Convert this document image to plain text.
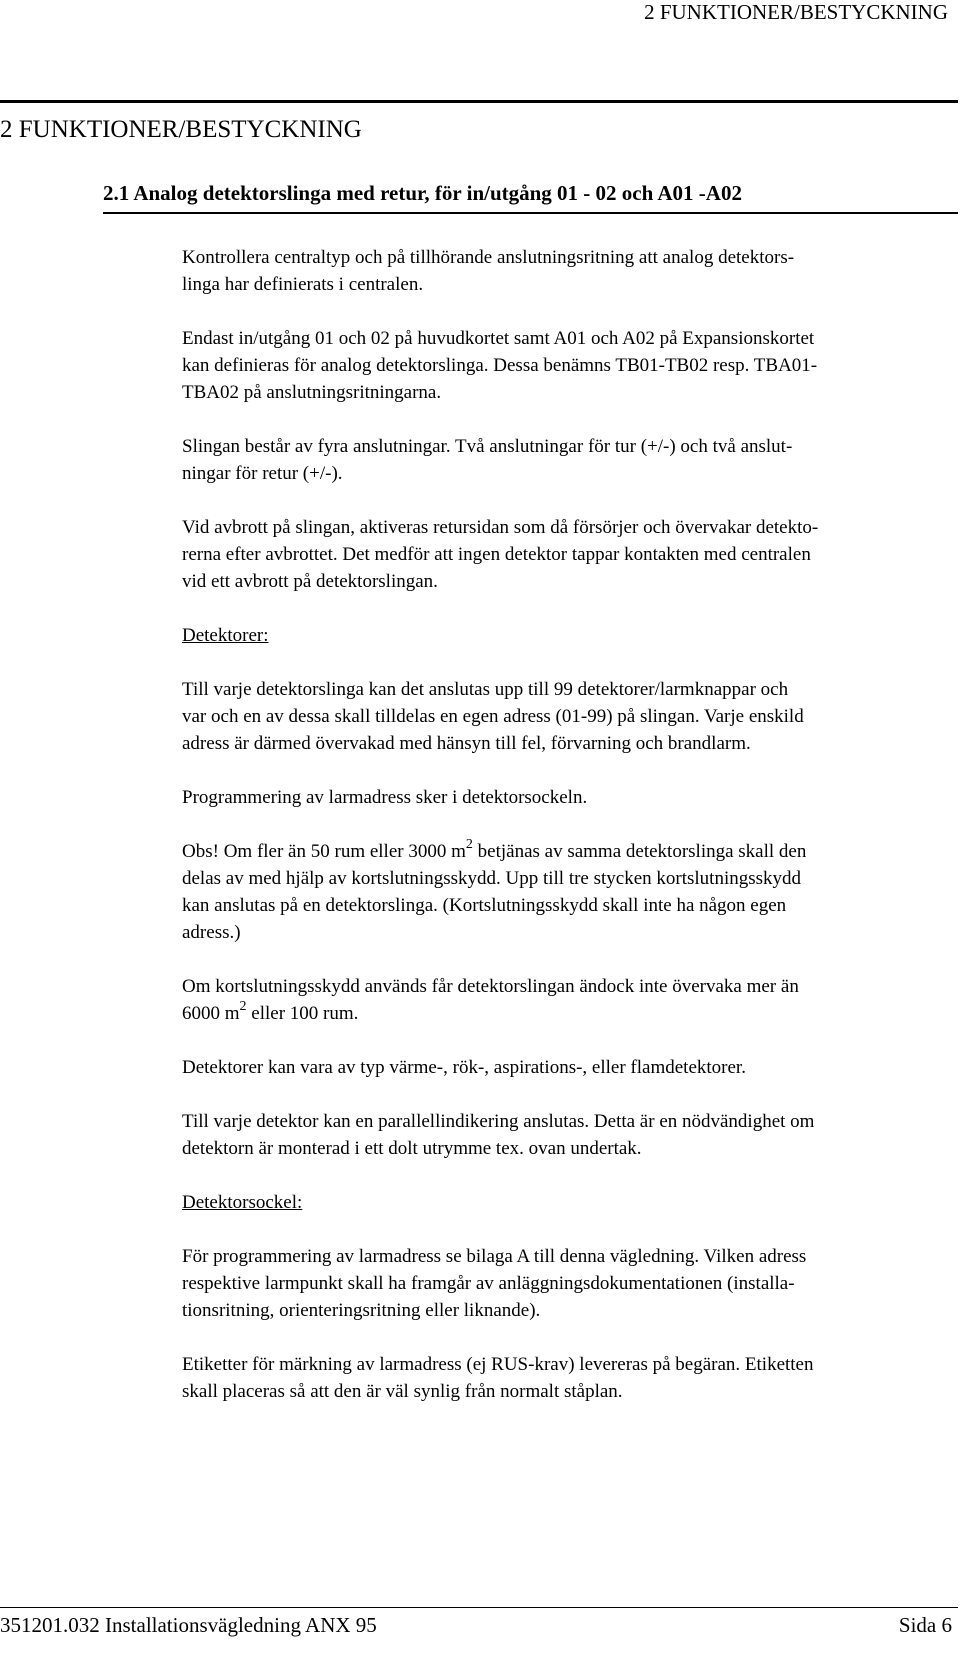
2 FUNKTIONER/BESTYCKNING
2 FUNKTIONER/BESTYCKNING
2.1 Analog detektorslinga med retur, för in/utgång 01 - 02 och A01 -A02

Kontrollera centraltyp och på tillhörande anslutningsritning att analog detektors-
linga har definierats i centralen.

Endast in/utgång 01 och 02 på huvudkortet samt A01 och A02 på Expansionskortet
kan definieras för analog detektorslinga. Dessa benämns TB01-TB02 resp. TBA01-
TBA02 på anslutningsritningarna.

Slingan består av fyra anslutningar. Två anslutningar för tur (+/-) och två anslut-
ningar för retur (+/-).

Vid avbrott på slingan, aktiveras retursidan som då försörjer och övervakar detekto-
rerna efter avbrottet. Det medför att ingen detektor tappar kontakten med centralen
vid ett avbrott på detektorslingan.

Detektorer:

Till varje detektorslinga kan det anslutas upp till 99 detektorer/larmknappar och
var och en av dessa skall tilldelas en egen adress (01-99) på slingan. Varje enskild
adress är därmed övervakad med hänsyn till fel, förvarning och brandlarm.

Programmering av larmadress sker i detektorsockeln.

Obs! Om fler än 50 rum eller 3000 $m^2$ betjänas av samma detektorslinga skall den
delas av med hjälp av kortslutningsskydd. Upp till tre stycken kortslutningsskydd
kan anslutas på en detektorslinga. (Kortslutningsskydd skall inte ha någon egen
adress.)

Om kortslutningsskydd används får detektorslingan ändock inte övervaka mer än
6000 $m^2$ eller 100 rum.

Detektorer kan vara av typ värme-, rök-, aspirations-, eller flamdetektorer.

Till varje detektor kan en parallellindikering anslutas. Detta är en nödvändighet om
detektorn är monterad i ett dolt utrymme tex. ovan undertak.

Detektorsockel:

För programmering av larmadress se bilaga A till denna vägledning. Vilken adress
respektive larmpunkt skall ha framgår av anläggningsdokumentationen (installa-
tionsritning, orienteringsritning eller liknande).

Etiketter för märkning av larmadress (ej RUS-krav) levereras på begäran. Etiketten
skall placeras så att den är väl synlig från normalt ståplan.

351201.032 Installationsvägledning ANX 95	Sida 6
